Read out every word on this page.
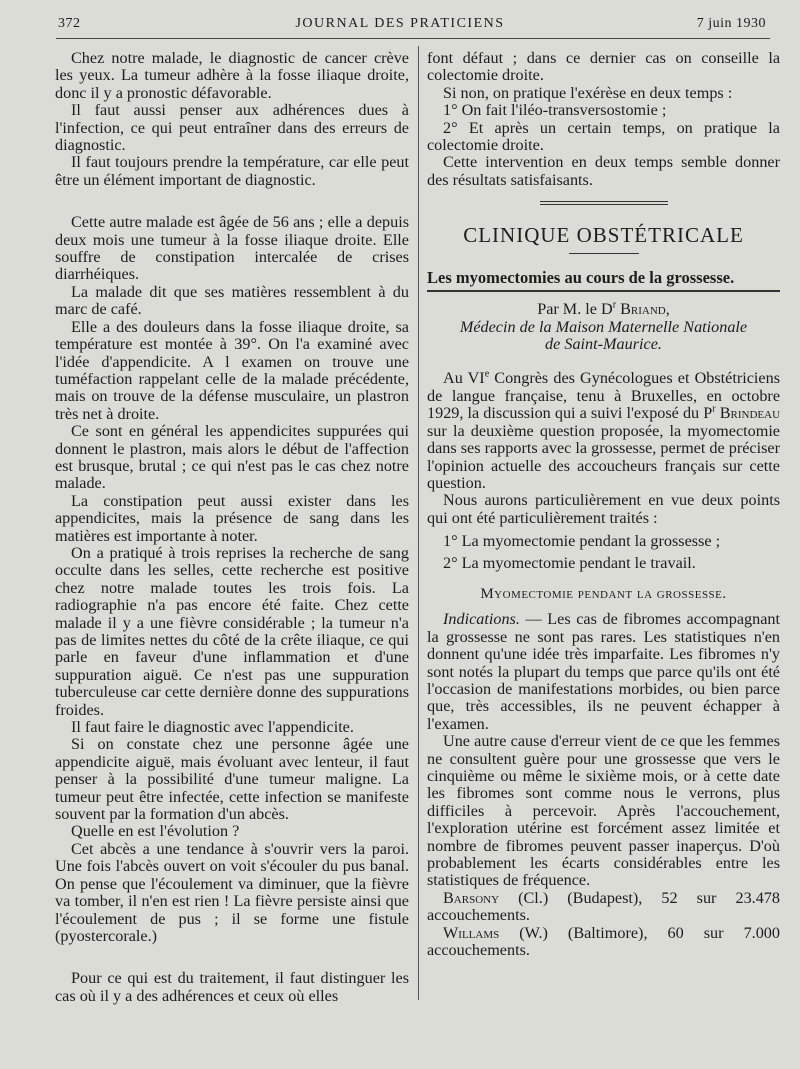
372	JOURNAL DES PRATICIENS	7 juin 1930

Chez notre malade, le diagnostic de cancer crève les yeux. La tumeur adhère à la fosse iliaque droite, donc il y a pronostic défavorable.

Il faut aussi penser aux adhérences dues à l'infection, ce qui peut entraîner dans des erreurs de diagnostic.

Il faut toujours prendre la température, car elle peut être un élément important de diagnostic.

Cette autre malade est âgée de 56 ans ; elle a depuis deux mois une tumeur à la fosse iliaque droite. Elle souffre de constipation intercalée de crises diarrhéiques.

La malade dit que ses matières ressemblent à du marc de café.

Elle a des douleurs dans la fosse iliaque droite, sa température est montée à 39°. On l'a examiné avec l'idée d'appendicite. A l examen on trouve une tuméfaction rappelant celle de la malade précédente, mais on trouve de la défense musculaire, un plastron très net à droite.

Ce sont en général les appendicites suppurées qui donnent le plastron, mais alors le début de l'affection est brusque, brutal ; ce qui n'est pas le cas chez notre malade.

La constipation peut aussi exister dans les appendicites, mais la présence de sang dans les matières est importante à noter.

On a pratiqué à trois reprises la recherche de sang occulte dans les selles, cette recherche est positive chez notre malade toutes les trois fois. La radiographie n'a pas encore été faite. Chez cette malade il y a une fièvre considérable ; la tumeur n'a pas de limites nettes du côté de la crête iliaque, ce qui parle en faveur d'une inflammation et d'une suppuration aiguë. Ce n'est pas une suppuration tuberculeuse car cette dernière donne des suppurations froides.

Il faut faire le diagnostic avec l'appendicite.

Si on constate chez une personne âgée une appendicite aiguë, mais évoluant avec lenteur, il faut penser à la possibilité d'une tumeur maligne. La tumeur peut être infectée, cette infection se manifeste souvent par la formation d'un abcès.

Quelle en est l'évolution ?

Cet abcès a une tendance à s'ouvrir vers la paroi. Une fois l'abcès ouvert on voit s'écouler du pus banal. On pense que l'écoulement va diminuer, que la fièvre va tomber, il n'en est rien ! La fièvre persiste ainsi que l'écoulement de pus ; il se forme une fistule (pyostercorale.)

Pour ce qui est du traitement, il faut distinguer les cas où il y a des adhérences et ceux où elles

font défaut ; dans ce dernier cas on conseille la colectomie droite.

Si non, on pratique l'exérèse en deux temps :

1° On fait l'iléo-transversostomie ;

2° Et après un certain temps, on pratique la colectomie droite.

Cette intervention en deux temps semble donner des résultats satisfaisants.

CLINIQUE OBSTÉTRICALE
Les myomectomies au cours de la grossesse.
Par M. le $D^r$ Briand,
Médecin de la Maison Maternelle Nationale
de Saint-Maurice.

Au VIe Congrès des Gynécologues et Obstétriciens de langue française, tenu à Bruxelles, en octobre 1929, la discussion qui a suivi l'exposé du $P^r$ Brindeau sur la deuxième question proposée, la myomectomie dans ses rapports avec la grossesse, permet de préciser l'opinion actuelle des accoucheurs français sur cette question.

Nous aurons particulièrement en vue deux points qui ont été particulièrement traités :

1° La myomectomie pendant la grossesse ;

2° La myomectomie pendant le travail.

Myomectomie pendant la grossesse.

Indications. — Les cas de fibromes accompagnant la grossesse ne sont pas rares. Les statistiques n'en donnent qu'une idée très imparfaite. Les fibromes n'y sont notés la plupart du temps que parce qu'ils ont été l'occasion de manifestations morbides, ou bien parce que, très accessibles, ils ne peuvent échapper à l'examen.

Une autre cause d'erreur vient de ce que les femmes ne consultent guère pour une grossesse que vers le cinquième ou même le sixième mois, or à cette date les fibromes sont comme nous le verrons, plus difficiles à percevoir. Après l'accouchement, l'exploration utérine est forcément assez limitée et nombre de fibromes peuvent passer inaperçus. D'où probablement les écarts considérables entre les statistiques de fréquence.

Barsony (Cl.) (Budapest), 52 sur 23.478 accouchements.

Willams (W.) (Baltimore), 60 sur 7.000 accouchements.
